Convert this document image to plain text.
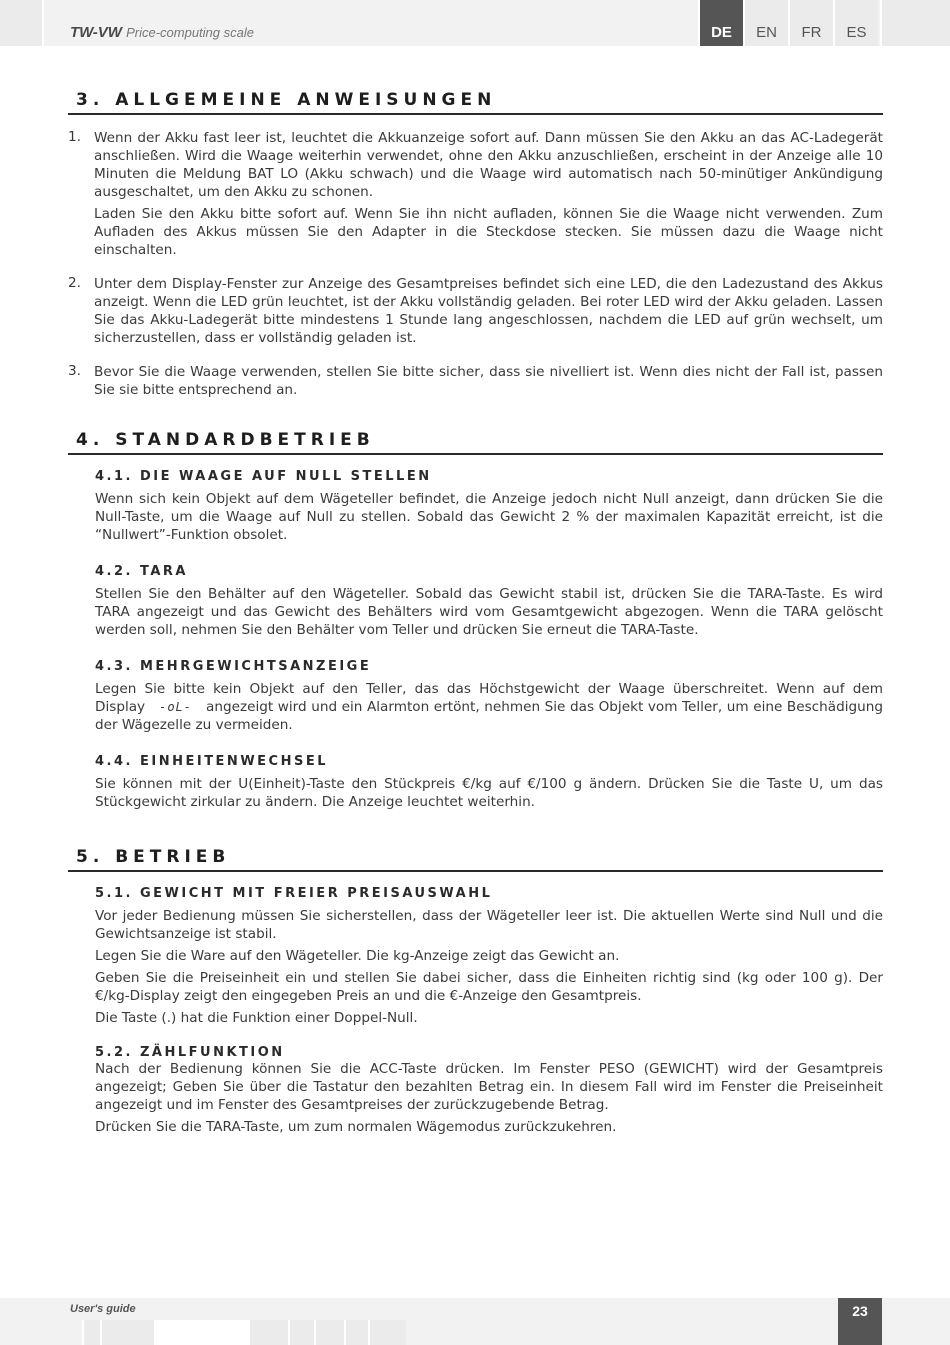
TW-VW Price-computing scale	DE	EN	FR	ES
3. ALLGEMEINE ANWEISUNGEN
1. Wenn der Akku fast leer ist, leuchtet die Akkuanzeige sofort auf. Dann müssen Sie den Akku an das AC-Ladegerät anschließen. Wird die Waage weiterhin verwendet, ohne den Akku anzuschließen, erscheint in der Anzeige alle 10 Minuten die Meldung BAT LO (Akku schwach) und die Waage wird automatisch nach 50-minütiger Ankündigung ausgeschaltet, um den Akku zu schonen.

Laden Sie den Akku bitte sofort auf. Wenn Sie ihn nicht aufladen, können Sie die Waage nicht verwenden. Zum Aufladen des Akkus müssen Sie den Adapter in die Steckdose stecken. Sie müssen dazu die Waage nicht einschalten.

2. Unter dem Display-Fenster zur Anzeige des Gesamtpreises befindet sich eine LED, die den Ladezustand des Akkus anzeigt. Wenn die LED grün leuchtet, ist der Akku vollständig geladen. Bei roter LED wird der Akku geladen. Lassen Sie das Akku-Ladegerät bitte mindestens 1 Stunde lang angeschlossen, nachdem die LED auf grün wechselt, um sicherzustellen, dass er vollständig geladen ist.

3. Bevor Sie die Waage verwenden, stellen Sie bitte sicher, dass sie nivelliert ist. Wenn dies nicht der Fall ist, passen Sie sie bitte entsprechend an.

4. STANDARDBETRIEB
4.1. DIE WAAGE AUF NULL STELLEN

Wenn sich kein Objekt auf dem Wägeteller befindet, die Anzeige jedoch nicht Null anzeigt, dann drücken Sie die Null-Taste, um die Waage auf Null zu stellen. Sobald das Gewicht 2 % der maximalen Kapazität erreicht, ist die “Nullwert”-Funktion obsolet.

4.2. TARA

Stellen Sie den Behälter auf den Wägeteller. Sobald das Gewicht stabil ist, drücken Sie die TARA-Taste. Es wird TARA angezeigt und das Gewicht des Behälters wird vom Gesamtgewicht abgezogen. Wenn die TARA gelöscht werden soll, nehmen Sie den Behälter vom Teller und drücken Sie erneut die TARA-Taste.

4.3. MEHRGEWICHTSANZEIGE

Legen Sie bitte kein Objekt auf den Teller, das das Höchstgewicht der Waage überschreitet. Wenn auf dem Display -oL- angezeigt wird und ein Alarmton ertönt, nehmen Sie das Objekt vom Teller, um eine Beschädigung der Wägezelle zu vermeiden.

4.4. EINHEITENWECHSEL

Sie können mit der U(Einheit)-Taste den Stückpreis €/kg auf €/100 g ändern. Drücken Sie die Taste U, um das Stückgewicht zirkular zu ändern. Die Anzeige leuchtet weiterhin.

5. BETRIEB
5.1. GEWICHT MIT FREIER PREISAUSWAHL

Vor jeder Bedienung müssen Sie sicherstellen, dass der Wägeteller leer ist. Die aktuellen Werte sind Null und die Gewichtsanzeige ist stabil.

Legen Sie die Ware auf den Wägeteller. Die kg-Anzeige zeigt das Gewicht an.

Geben Sie die Preiseinheit ein und stellen Sie dabei sicher, dass die Einheiten richtig sind (kg oder 100 g). Der €/kg-Display zeigt den eingegeben Preis an und die €-Anzeige den Gesamtpreis.

Die Taste (.) hat die Funktion einer Doppel-Null.

5.2. ZÄHLFUNKTION

Nach der Bedienung können Sie die ACC-Taste drücken. Im Fenster PESO (GEWICHT) wird der Gesamtpreis angezeigt; Geben Sie über die Tastatur den bezahlten Betrag ein. In diesem Fall wird im Fenster die Preiseinheit angezeigt und im Fenster des Gesamtpreises der zurückzugebende Betrag.

Drücken Sie die TARA-Taste, um zum normalen Wägemodus zurückzukehren.

User's guide	23
